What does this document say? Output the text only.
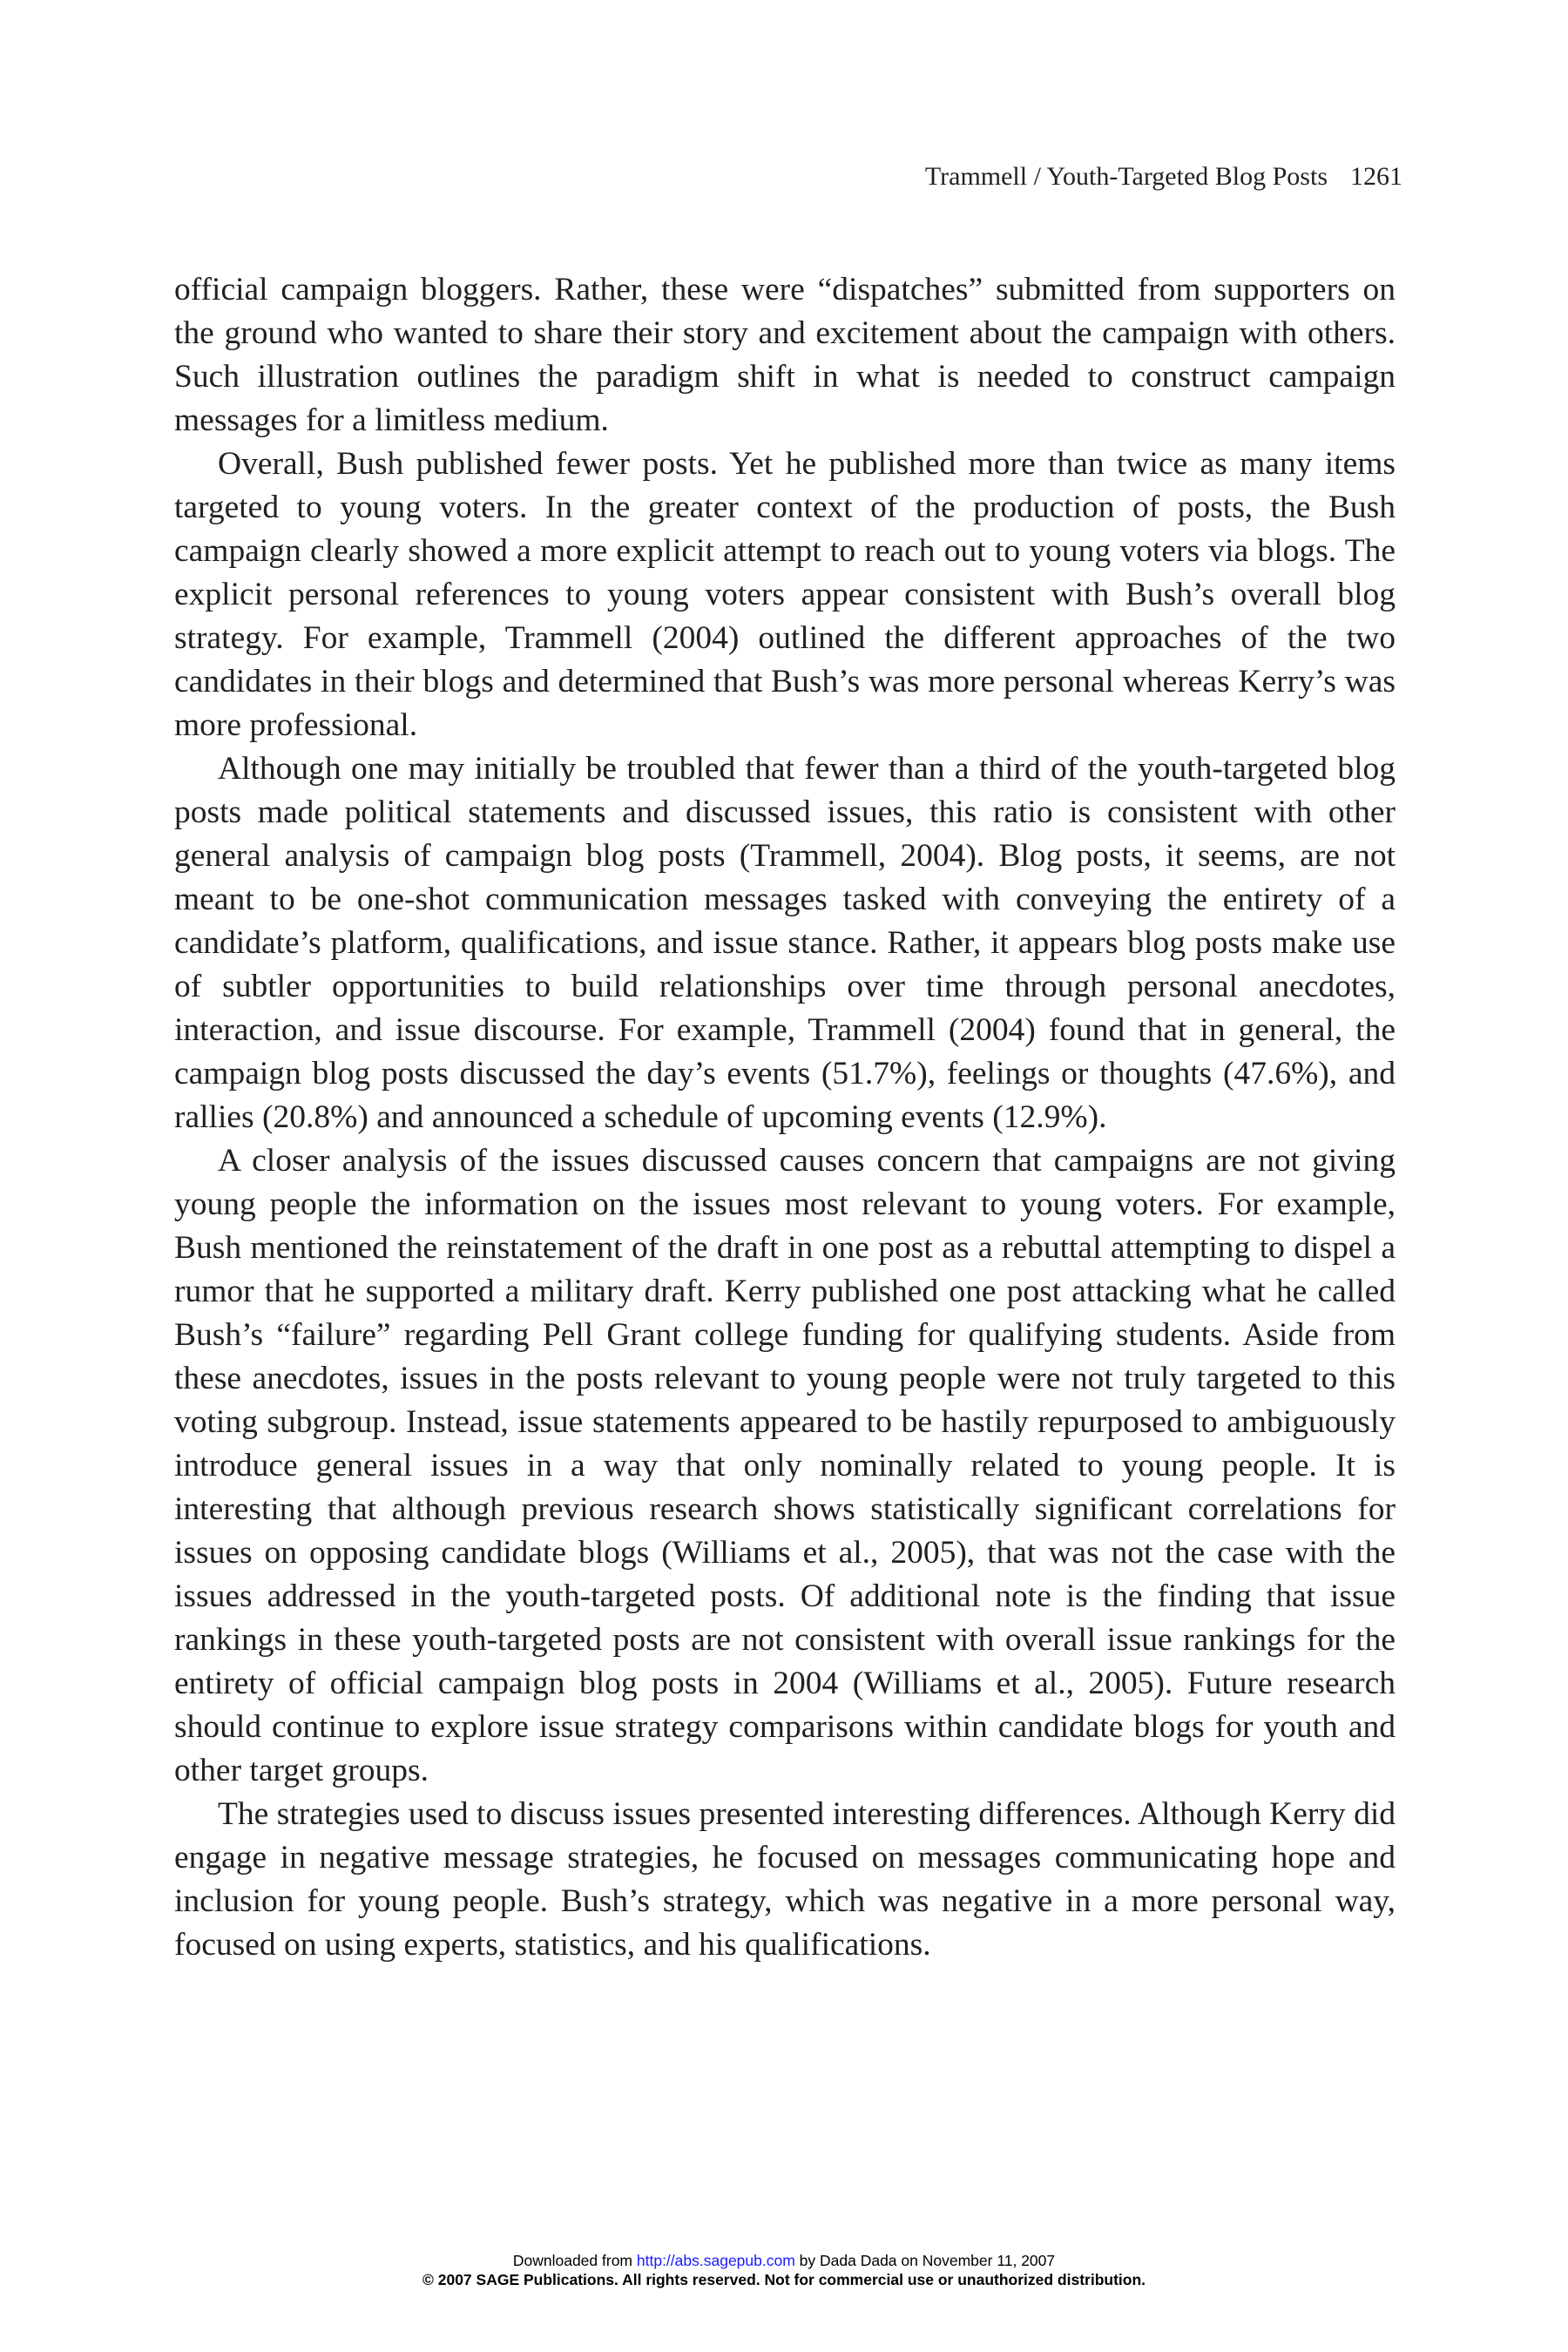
Trammell / Youth-Targeted Blog Posts 1261

official campaign bloggers. Rather, these were “dispatches” submitted from supporters on the ground who wanted to share their story and excitement about the campaign with others. Such illustration outlines the paradigm shift in what is needed to construct campaign messages for a limitless medium.

Overall, Bush published fewer posts. Yet he published more than twice as many items targeted to young voters. In the greater context of the production of posts, the Bush campaign clearly showed a more explicit attempt to reach out to young voters via blogs. The explicit personal references to young voters appear consistent with Bush’s overall blog strategy. For example, Trammell (2004) outlined the different approaches of the two candidates in their blogs and determined that Bush’s was more personal whereas Kerry’s was more professional.

Although one may initially be troubled that fewer than a third of the youth-targeted blog posts made political statements and discussed issues, this ratio is consistent with other general analysis of campaign blog posts (Trammell, 2004). Blog posts, it seems, are not meant to be one-shot communication messages tasked with conveying the entirety of a candidate’s platform, qualifications, and issue stance. Rather, it appears blog posts make use of subtler opportunities to build relationships over time through personal anecdotes, interaction, and issue discourse. For example, Trammell (2004) found that in general, the campaign blog posts discussed the day’s events (51.7%), feelings or thoughts (47.6%), and rallies (20.8%) and announced a schedule of upcoming events (12.9%).

A closer analysis of the issues discussed causes concern that campaigns are not giving young people the information on the issues most relevant to young voters. For example, Bush mentioned the reinstatement of the draft in one post as a rebuttal attempting to dispel a rumor that he supported a military draft. Kerry published one post attacking what he called Bush’s “failure” regarding Pell Grant college funding for qualifying students. Aside from these anecdotes, issues in the posts relevant to young people were not truly targeted to this voting subgroup. Instead, issue statements appeared to be hastily repurposed to ambiguously introduce general issues in a way that only nominally related to young people. It is interesting that although previous research shows statistically significant correlations for issues on opposing candidate blogs (Williams et al., 2005), that was not the case with the issues addressed in the youth-targeted posts. Of additional note is the finding that issue rankings in these youth-targeted posts are not consistent with overall issue rankings for the entirety of official campaign blog posts in 2004 (Williams et al., 2005). Future research should continue to explore issue strategy comparisons within candidate blogs for youth and other target groups.

The strategies used to discuss issues presented interesting differences. Although Kerry did engage in negative message strategies, he focused on messages communicating hope and inclusion for young people. Bush’s strategy, which was negative in a more personal way, focused on using experts, statistics, and his qualifications.

Downloaded from http://abs.sagepub.com by Dada Dada on November 11, 2007
© 2007 SAGE Publications. All rights reserved. Not for commercial use or unauthorized distribution.
